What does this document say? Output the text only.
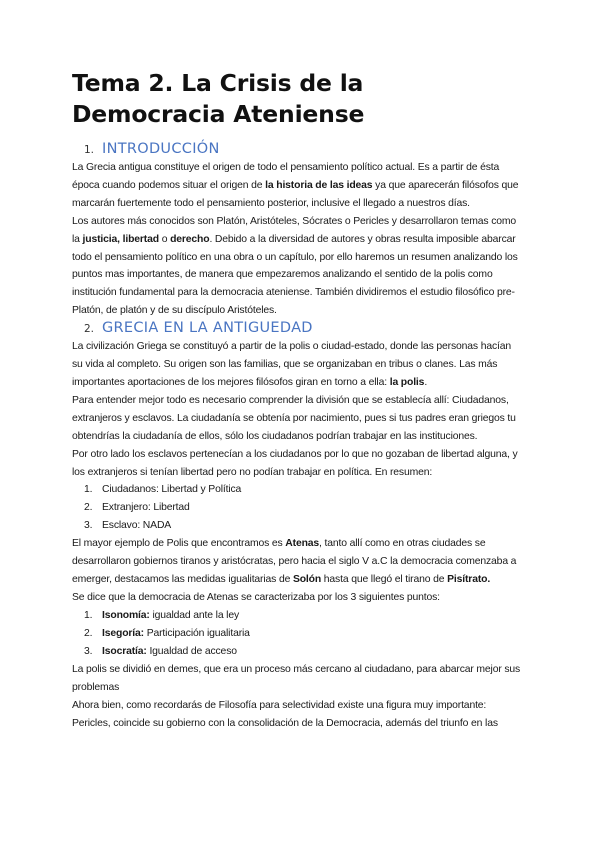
Tema 2. La Crisis de la Democracia Ateniense
1. INTRODUCCIÓN

La Grecia antigua constituye el origen de todo el pensamiento político actual. Es a partir de ésta época cuando podemos situar el origen de la historia de las ideas ya que aparecerán filósofos que marcarán fuertemente todo el pensamiento posterior, inclusive el llegado a nuestros días.

Los autores más conocidos son Platón, Aristóteles, Sócrates o Pericles y desarrollaron temas como la justicia, libertad o derecho. Debido a la diversidad de autores y obras resulta imposible abarcar todo el pensamiento político en una obra o un capítulo, por ello haremos un resumen analizando los puntos mas importantes, de manera que empezaremos analizando el sentido de la polis como institución fundamental para la democracia ateniense. También dividiremos el estudio filosófico pre-Platón, de platón y de su discípulo Aristóteles.

2. GRECIA EN LA ANTIGUEDAD

La civilización Griega se constituyó a partir de la polis o ciudad-estado, donde las personas hacían su vida al completo. Su origen son las familias, que se organizaban en tribus o clanes. Las más importantes aportaciones de los mejores filósofos giran en torno a ella: la polis.

Para entender mejor todo es necesario comprender la división que se establecía allí: Ciudadanos, extranjeros y esclavos. La ciudadanía se obtenía por nacimiento, pues si tus padres eran griegos tu obtendrías la ciudadanía de ellos, sólo los ciudadanos podrían trabajar en las instituciones.

Por otro lado los esclavos pertenecían a los ciudadanos por lo que no gozaban de libertad alguna, y los extranjeros si tenían libertad pero no podían trabajar en política. En resumen:

1. Ciudadanos: Libertad y Política
2. Extranjero: Libertad
3. Esclavo: NADA

El mayor ejemplo de Polis que encontramos es Atenas, tanto allí como en otras ciudades se desarrollaron gobiernos tiranos y aristócratas, pero hacia el siglo V a.C la democracia comenzaba a emerger, destacamos las medidas igualitarias de Solón hasta que llegó el tirano de Pisítrato.

Se dice que la democracia de Atenas se caracterizaba por los 3 siguientes puntos:

1. Isonomía: igualdad ante la ley
2. Isegoría: Participación igualitaria
3. Isocratía: Igualdad de acceso

La polis se dividió en demes, que era un proceso más cercano al ciudadano, para abarcar mejor sus problemas

Ahora bien, como recordarás de Filosofía para selectividad existe una figura muy importante: Pericles, coincide su gobierno con la consolidación de la Democracia, además del triunfo en las
